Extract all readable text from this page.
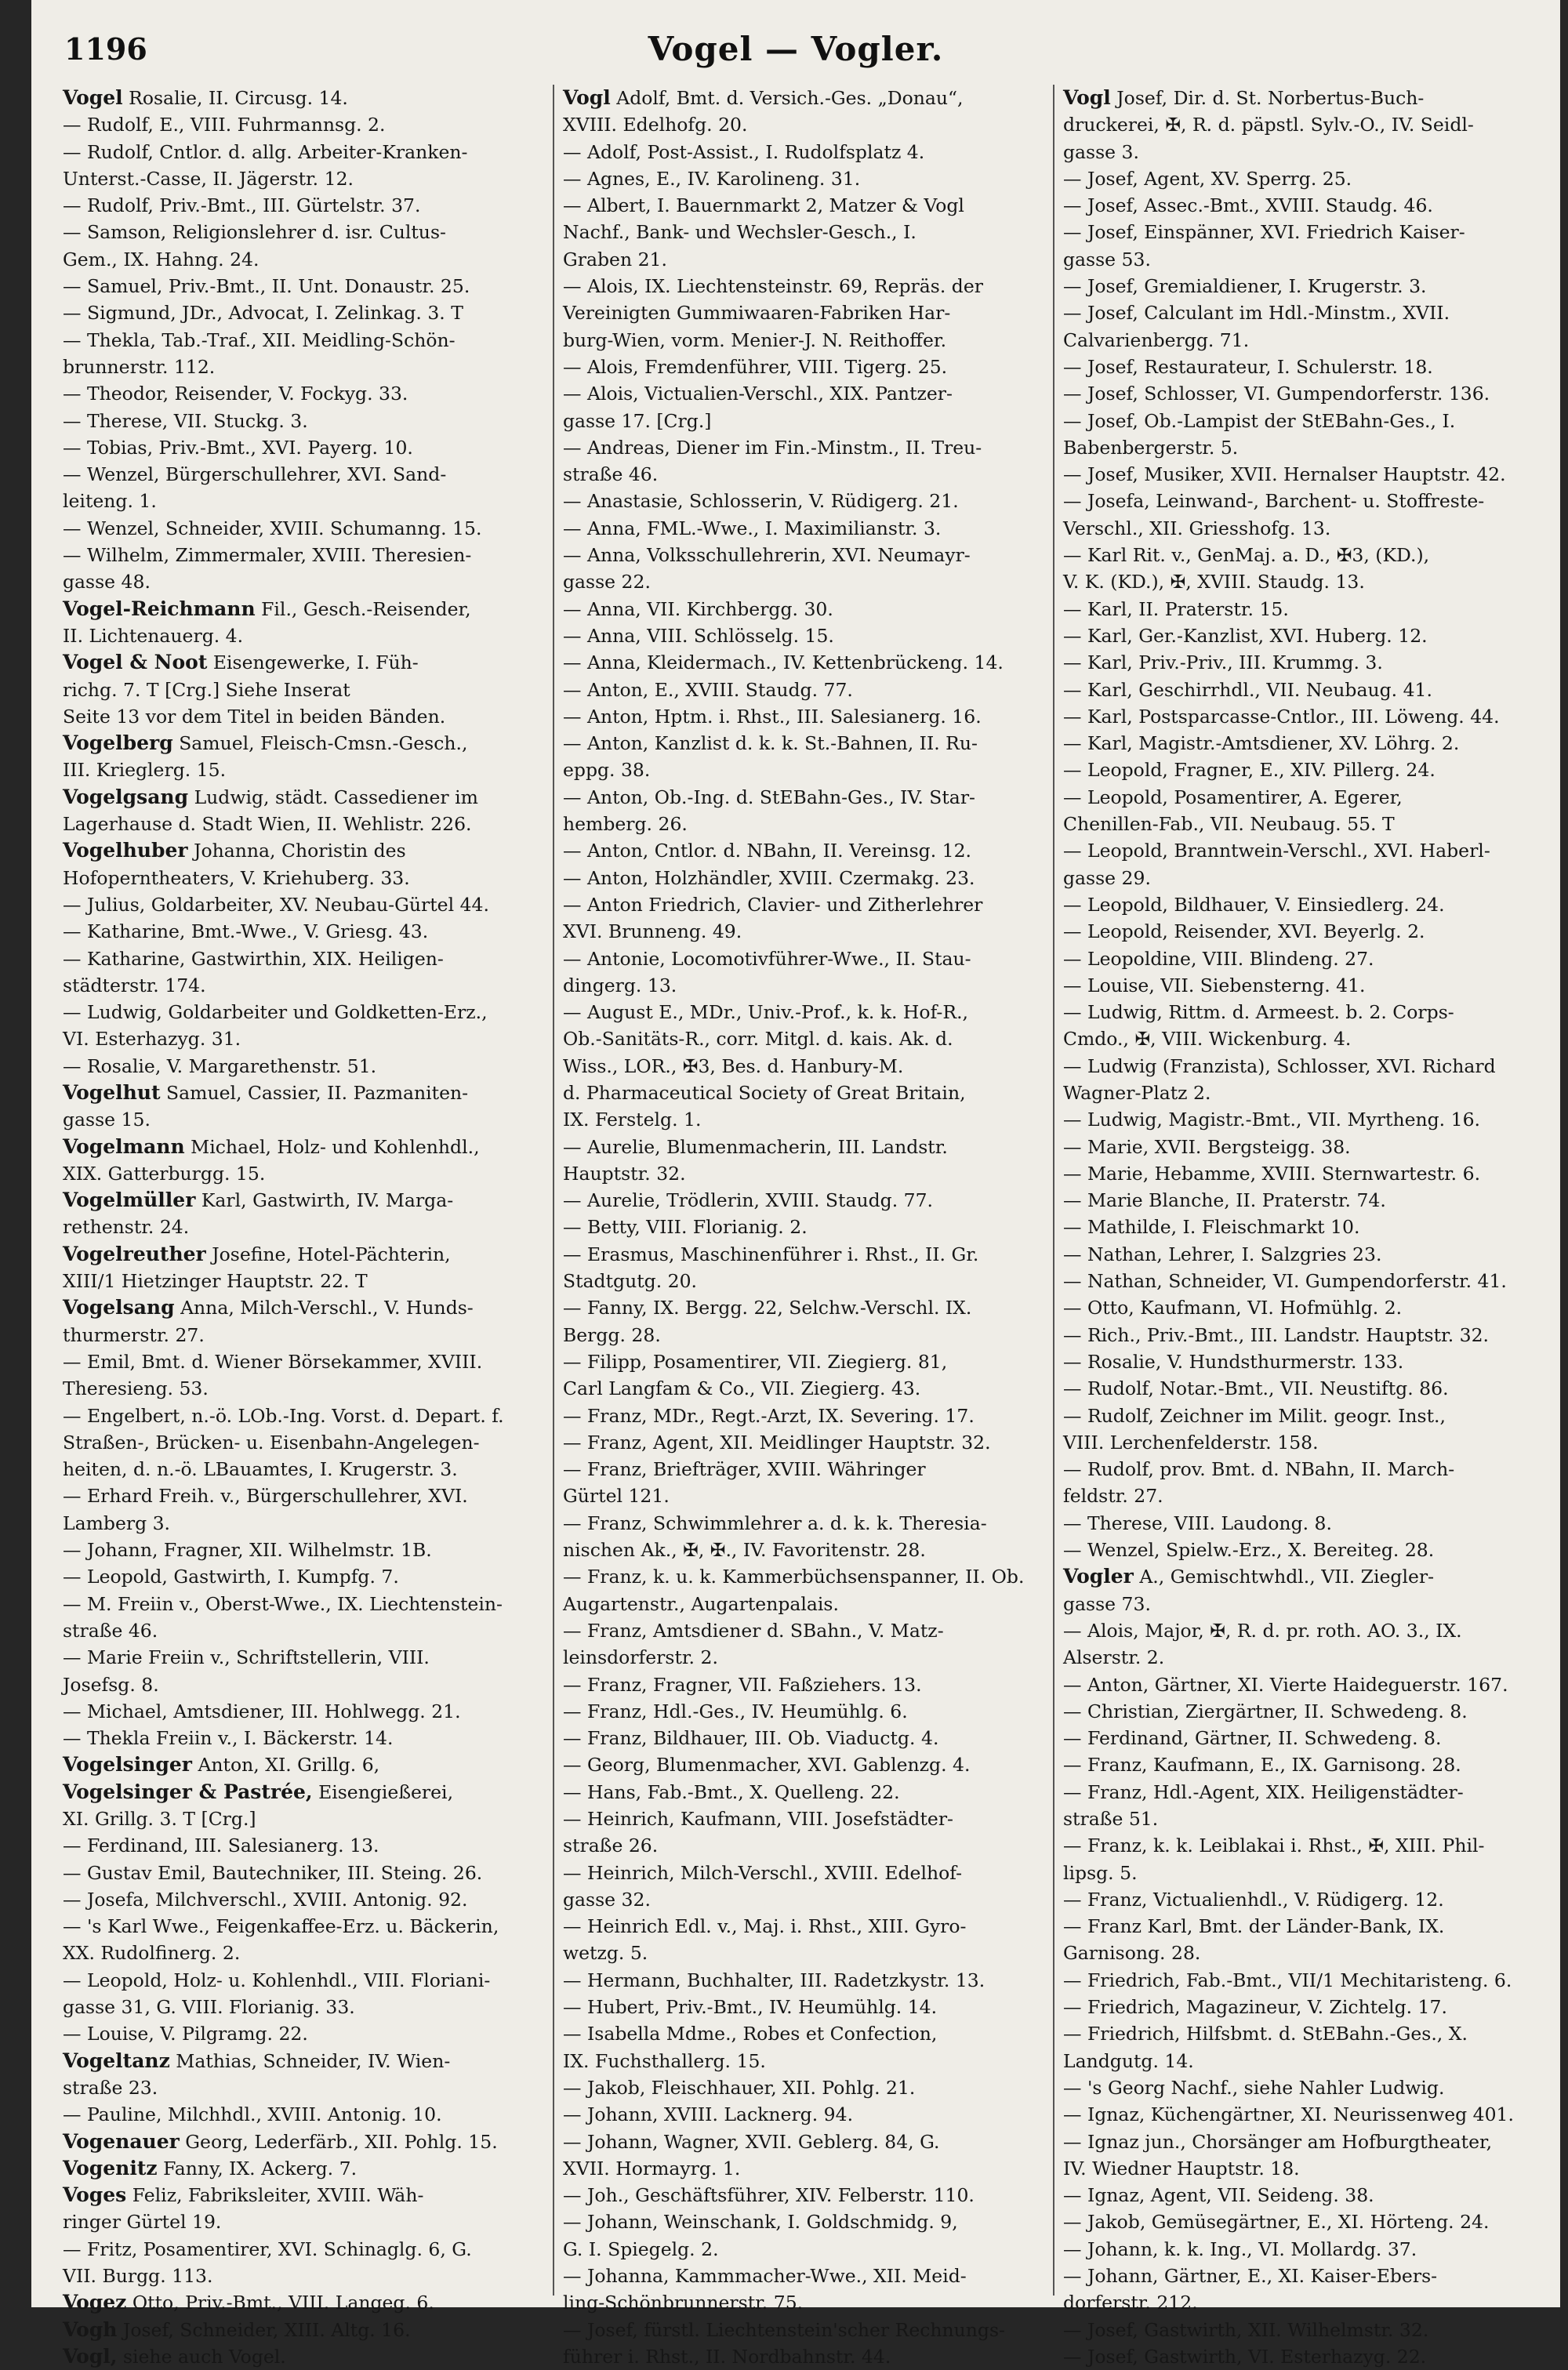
1196	Vogel — Vogler.
Vogel Rosalie, II. Circusg. 14.
— Rudolf, E., VIII. Fuhrmannsg. 2.
— Rudolf, Cntlor. d. allg. Arbeiter-Kranken-
Unterst.-Casse, II. Jägerstr. 12.
— Rudolf, Priv.-Bmt., III. Gürtelstr. 37.
— Samson, Religionslehrer d. isr. Cultus-
Gem., IX. Hahng. 24.
— Samuel, Priv.-Bmt., II. Unt. Donaustr. 25.
— Sigmund, JDr., Advocat, I. Zelinkag. 3. T
— Thekla, Tab.-Traf., XII. Meidling-Schön-
brunnerstr. 112.
— Theodor, Reisender, V. Fockyg. 33.
— Therese, VII. Stuckg. 3.
— Tobias, Priv.-Bmt., XVI. Payerg. 10.
— Wenzel, Bürgerschullehrer, XVI. Sand-
leiteng. 1.
— Wenzel, Schneider, XVIII. Schumanng. 15.
— Wilhelm, Zimmermaler, XVIII. Theresien-
gasse 48.
Vogel-Reichmann Fil., Gesch.-Reisender,
II. Lichtenauerg. 4.
Vogel & Noot Eisengewerke, I. Füh-
richg. 7. T [Crg.] Siehe Inserat
Seite 13 vor dem Titel in beiden Bänden.
Vogelberg Samuel, Fleisch-Cmsn.-Gesch.,
III. Krieglerg. 15.
Vogelgsang Ludwig, städt. Cassediener im
Lagerhause d. Stadt Wien, II. Wehlistr. 226.
Vogelhuber Johanna, Choristin des
Hofoperntheaters, V. Kriehuberg. 33.
— Julius, Goldarbeiter, XV. Neubau-Gürtel 44.
— Katharine, Bmt.-Wwe., V. Griesg. 43.
— Katharine, Gastwirthin, XIX. Heiligen-
städterstr. 174.
— Ludwig, Goldarbeiter und Goldketten-Erz.,
VI. Esterhazyg. 31.
— Rosalie, V. Margarethenstr. 51.
Vogelhut Samuel, Cassier, II. Pazmaniten-
gasse 15.
Vogelmann Michael, Holz- und Kohlenhdl.,
XIX. Gatterburgg. 15.
Vogelmüller Karl, Gastwirth, IV. Marga-
rethenstr. 24.
Vogelreuther Josefine, Hotel-Pächterin,
XIII/1 Hietzinger Hauptstr. 22. T
Vogelsang Anna, Milch-Verschl., V. Hunds-
thurmerstr. 27.
— Emil, Bmt. d. Wiener Börsekammer, XVIII.
Theresieng. 53.
— Engelbert, n.-ö. LOb.-Ing. Vorst. d. Depart. f.
Straßen-, Brücken- u. Eisenbahn-Angelegen-
heiten, d. n.-ö. LBauamtes, I. Krugerstr. 3.
— Erhard Freih. v., Bürgerschullehrer, XVI.
Lamberg 3.
— Johann, Fragner, XII. Wilhelmstr. 1B.
— Leopold, Gastwirth, I. Kumpfg. 7.
— M. Freiin v., Oberst-Wwe., IX. Liechtenstein-
straße 46.
— Marie Freiin v., Schriftstellerin, VIII.
Josefsg. 8.
— Michael, Amtsdiener, III. Hohlwegg. 21.
— Thekla Freiin v., I. Bäckerstr. 14.
Vogelsinger Anton, XI. Grillg. 6,
Vogelsinger & Pastrée, Eisengießerei,
XI. Grillg. 3. T [Crg.]
— Ferdinand, III. Salesianerg. 13.
— Gustav Emil, Bautechniker, III. Steing. 26.
— Josefa, Milchverschl., XVIII. Antonig. 92.
— 's Karl Wwe., Feigenkaffee-Erz. u. Bäckerin,
XX. Rudolfinerg. 2.
— Leopold, Holz- u. Kohlenhdl., VIII. Floriani-
gasse 31, G. VIII. Florianig. 33.
— Louise, V. Pilgramg. 22.
Vogeltanz Mathias, Schneider, IV. Wien-
straße 23.
— Pauline, Milchhdl., XVIII. Antonig. 10.
Vogenauer Georg, Lederfärb., XII. Pohlg. 15.
Vogenitz Fanny, IX. Ackerg. 7.
Voges Feliz, Fabriksleiter, XVIII. Wäh-
ringer Gürtel 19.
— Fritz, Posamentirer, XVI. Schinaglg. 6, G.
VII. Burgg. 113.
Vogez Otto, Priv.-Bmt., VIII. Langeg. 6.
Vogh Josef, Schneider, XIII. Altg. 16.
Vogl, siehe auch Vogel.
Vogl Adolf, Bmt. d. Versich.-Ges. „Donau“,
XVIII. Edelhofg. 20.
— Adolf, Post-Assist., I. Rudolfsplatz 4.
— Agnes, E., IV. Karolineng. 31.
— Albert, I. Bauernmarkt 2, Matzer & Vogl
Nachf., Bank- und Wechsler-Gesch., I.
Graben 21.
— Alois, IX. Liechtensteinstr. 69, Repräs. der
Vereinigten Gummiwaaren-Fabriken Har-
burg-Wien, vorm. Menier-J. N. Reithoffer.
— Alois, Fremdenführer, VIII. Tigerg. 25.
— Alois, Victualien-Verschl., XIX. Pantzer-
gasse 17. [Crg.]
— Andreas, Diener im Fin.-Minstm., II. Treu-
straße 46.
— Anastasie, Schlosserin, V. Rüdigerg. 21.
— Anna, FML.-Wwe., I. Maximilianstr. 3.
— Anna, Volksschullehrerin, XVI. Neumayr-
gasse 22.
— Anna, VII. Kirchbergg. 30.
— Anna, VIII. Schlösselg. 15.
— Anna, Kleidermach., IV. Kettenbrückeng. 14.
— Anton, E., XVIII. Staudg. 77.
— Anton, Hptm. i. Rhst., III. Salesianerg. 16.
— Anton, Kanzlist d. k. k. St.-Bahnen, II. Ru-
eppg. 38.
— Anton, Ob.-Ing. d. StEBahn-Ges., IV. Star-
hemberg. 26.
— Anton, Cntlor. d. NBahn, II. Vereinsg. 12.
— Anton, Holzhändler, XVIII. Czermakg. 23.
— Anton Friedrich, Clavier- und Zitherlehrer
XVI. Brunneng. 49.
— Antonie, Locomotivführer-Wwe., II. Stau-
dingerg. 13.
— August E., MDr., Univ.-Prof., k. k. Hof-R.,
Ob.-Sanitäts-R., corr. Mitgl. d. kais. Ak. d.
Wiss., LOR., ✠3, Bes. d. Hanbury-M.
d. Pharmaceutical Society of Great Britain,
IX. Ferstelg. 1.
— Aurelie, Blumenmacherin, III. Landstr.
Hauptstr. 32.
— Aurelie, Trödlerin, XVIII. Staudg. 77.
— Betty, VIII. Florianig. 2.
— Erasmus, Maschinenführer i. Rhst., II. Gr.
Stadtgutg. 20.
— Fanny, IX. Bergg. 22, Selchw.-Verschl. IX.
Bergg. 28.
— Filipp, Posamentirer, VII. Ziegierg. 81,
Carl Langfam & Co., VII. Ziegierg. 43.
— Franz, MDr., Regt.-Arzt, IX. Severing. 17.
— Franz, Agent, XII. Meidlinger Hauptstr. 32.
— Franz, Briefträger, XVIII. Währinger
Gürtel 121.
— Franz, Schwimmlehrer a. d. k. k. Theresia-
nischen Ak., ✠, ✠., IV. Favoritenstr. 28.
— Franz, k. u. k. Kammerbüchsenspanner, II. Ob.
Augartenstr., Augartenpalais.
— Franz, Amtsdiener d. SBahn., V. Matz-
leinsdorferstr. 2.
— Franz, Fragner, VII. Faßziehers. 13.
— Franz, Hdl.-Ges., IV. Heumühlg. 6.
— Franz, Bildhauer, III. Ob. Viaductg. 4.
— Georg, Blumenmacher, XVI. Gablenzg. 4.
— Hans, Fab.-Bmt., X. Quelleng. 22.
— Heinrich, Kaufmann, VIII. Josefstädter-
straße 26.
— Heinrich, Milch-Verschl., XVIII. Edelhof-
gasse 32.
— Heinrich Edl. v., Maj. i. Rhst., XIII. Gyro-
wetzg. 5.
— Hermann, Buchhalter, III. Radetzkystr. 13.
— Hubert, Priv.-Bmt., IV. Heumühlg. 14.
— Isabella Mdme., Robes et Confection,
IX. Fuchsthallerg. 15.
— Jakob, Fleischhauer, XII. Pohlg. 21.
— Johann, XVIII. Lacknerg. 94.
— Johann, Wagner, XVII. Geblerg. 84, G.
XVII. Hormayrg. 1.
— Joh., Geschäftsführer, XIV. Felberstr. 110.
— Johann, Weinschank, I. Goldschmidg. 9,
G. I. Spiegelg. 2.
— Johanna, Kammmacher-Wwe., XII. Meid-
ling-Schönbrunnerstr. 75.
— Josef, fürstl. Liechtenstein'scher Rechnungs-
führer i. Rhst., II. Nordbahnstr. 44.
Vogl Josef, Dir. d. St. Norbertus-Buch-
druckerei, ✠, R. d. päpstl. Sylv.-O., IV. Seidl-
gasse 3.
— Josef, Agent, XV. Sperrg. 25.
— Josef, Assec.-Bmt., XVIII. Staudg. 46.
— Josef, Einspänner, XVI. Friedrich Kaiser-
gasse 53.
— Josef, Gremialdiener, I. Krugerstr. 3.
— Josef, Calculant im Hdl.-Minstm., XVII.
Calvarienbergg. 71.
— Josef, Restaurateur, I. Schulerstr. 18.
— Josef, Schlosser, VI. Gumpendorferstr. 136.
— Josef, Ob.-Lampist der StEBahn-Ges., I.
Babenbergerstr. 5.
— Josef, Musiker, XVII. Hernalser Hauptstr. 42.
— Josefa, Leinwand-, Barchent- u. Stoffreste-
Verschl., XII. Griesshofg. 13.
— Karl Rit. v., GenMaj. a. D., ✠3, (KD.),
V. K. (KD.), ✠, XVIII. Staudg. 13.
— Karl, II. Praterstr. 15.
— Karl, Ger.-Kanzlist, XVI. Huberg. 12.
— Karl, Priv.-Priv., III. Krummg. 3.
— Karl, Geschirrhdl., VII. Neubaug. 41.
— Karl, Postsparcasse-Cntlor., III. Löweng. 44.
— Karl, Magistr.-Amtsdiener, XV. Löhrg. 2.
— Leopold, Fragner, E., XIV. Pillerg. 24.
— Leopold, Posamentirer, A. Egerer,
Chenillen-Fab., VII. Neubaug. 55. T
— Leopold, Branntwein-Verschl., XVI. Haberl-
gasse 29.
— Leopold, Bildhauer, V. Einsiedlerg. 24.
— Leopold, Reisender, XVI. Beyerlg. 2.
— Leopoldine, VIII. Blindeng. 27.
— Louise, VII. Siebensterng. 41.
— Ludwig, Rittm. d. Armeest. b. 2. Corps-
Cmdo., ✠, VIII. Wickenburg. 4.
— Ludwig (Franzista), Schlosser, XVI. Richard
Wagner-Platz 2.
— Ludwig, Magistr.-Bmt., VII. Myrtheng. 16.
— Marie, XVII. Bergsteigg. 38.
— Marie, Hebamme, XVIII. Sternwartestr. 6.
— Marie Blanche, II. Praterstr. 74.
— Mathilde, I. Fleischmarkt 10.
— Nathan, Lehrer, I. Salzgries 23.
— Nathan, Schneider, VI. Gumpendorferstr. 41.
— Otto, Kaufmann, VI. Hofmühlg. 2.
— Rich., Priv.-Bmt., III. Landstr. Hauptstr. 32.
— Rosalie, V. Hundsthurmerstr. 133.
— Rudolf, Notar.-Bmt., VII. Neustiftg. 86.
— Rudolf, Zeichner im Milit. geogr. Inst.,
VIII. Lerchenfelderstr. 158.
— Rudolf, prov. Bmt. d. NBahn, II. March-
feldstr. 27.
— Therese, VIII. Laudong. 8.
— Wenzel, Spielw.-Erz., X. Bereiteg. 28.
Vogler A., Gemischtwhdl., VII. Ziegler-
gasse 73.
— Alois, Major, ✠, R. d. pr. roth. AO. 3., IX.
Alserstr. 2.
— Anton, Gärtner, XI. Vierte Haideguerstr. 167.
— Christian, Ziergärtner, II. Schwedeng. 8.
— Ferdinand, Gärtner, II. Schwedeng. 8.
— Franz, Kaufmann, E., IX. Garnisong. 28.
— Franz, Hdl.-Agent, XIX. Heiligenstädter-
straße 51.
— Franz, k. k. Leiblakai i. Rhst., ✠, XIII. Phil-
lipsg. 5.
— Franz, Victualienhdl., V. Rüdigerg. 12.
— Franz Karl, Bmt. der Länder-Bank, IX.
Garnisong. 28.
— Friedrich, Fab.-Bmt., VII/1 Mechitaristeng. 6.
— Friedrich, Magazineur, V. Zichtelg. 17.
— Friedrich, Hilfsbmt. d. StEBahn.-Ges., X.
Landgutg. 14.
— 's Georg Nachf., siehe Nahler Ludwig.
— Ignaz, Küchengärtner, XI. Neurissenweg 401.
— Ignaz jun., Chorsänger am Hofburgtheater,
IV. Wiedner Hauptstr. 18.
— Ignaz, Agent, VII. Seideng. 38.
— Jakob, Gemüsegärtner, E., XI. Hörteng. 24.
— Johann, k. k. Ing., VI. Mollardg. 37.
— Johann, Gärtner, E., XI. Kaiser-Ebers-
dorferstr. 212.
— Josef, Gastwirth, XII. Wilhelmstr. 32.
— Josef, Gastwirth, VI. Esterhazyg. 22.
